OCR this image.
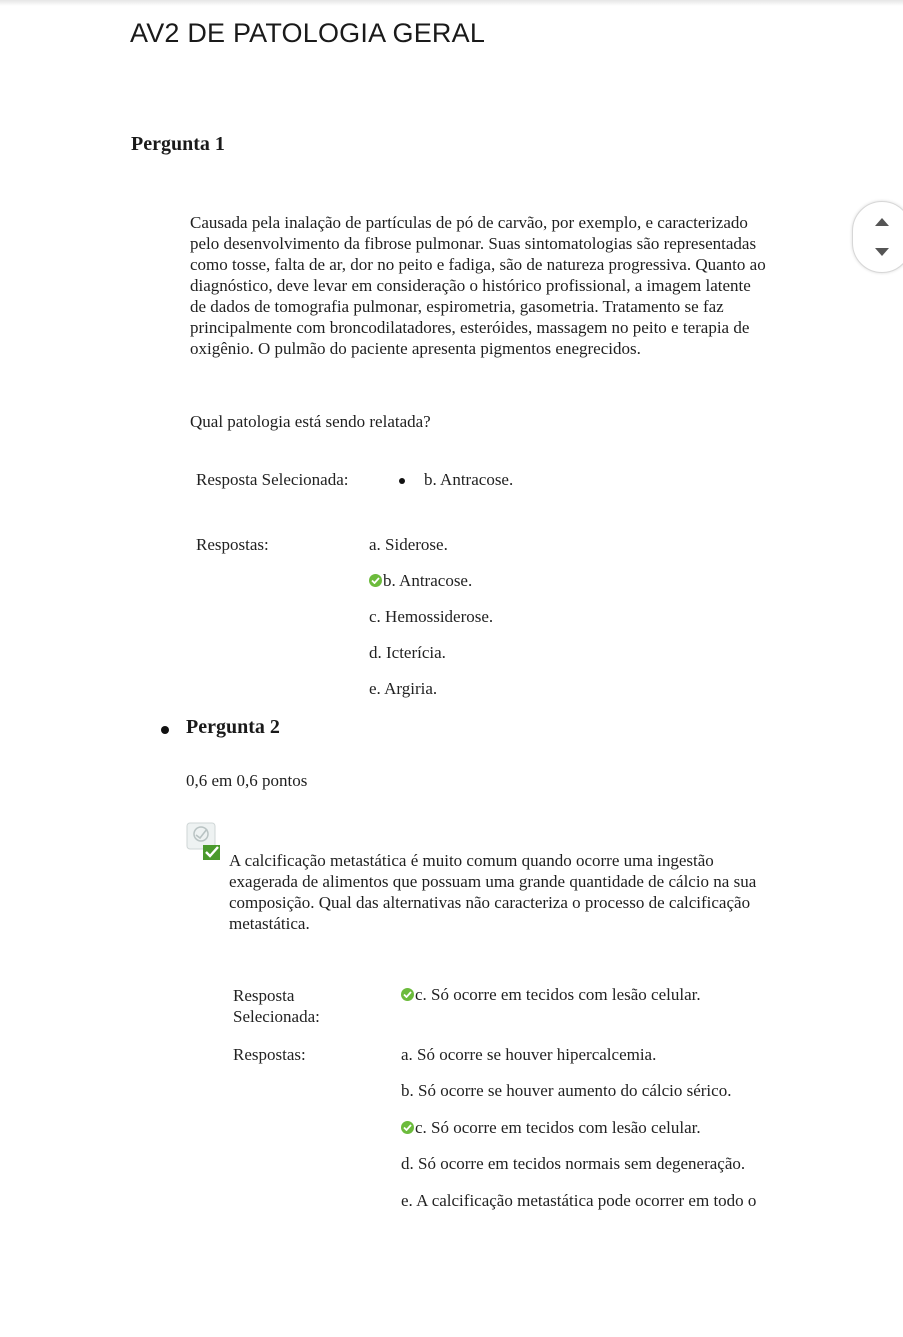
AV2 DE PATOLOGIA GERAL
Pergunta 1
Causada pela inalação de partículas de pó de carvão, por exemplo, e caracterizado
pelo desenvolvimento da fibrose pulmonar. Suas sintomatologias são representadas
como tosse, falta de ar, dor no peito e fadiga, são de natureza progressiva. Quanto ao
diagnóstico, deve levar em consideração o histórico profissional, a imagem latente
de dados de tomografia pulmonar, espirometria, gasometria. Tratamento se faz
principalmente com broncodilatadores, esteróides, massagem no peito e terapia de
oxigênio. O pulmão do paciente apresenta pigmentos enegrecidos.
Qual patologia está sendo relatada?
Resposta Selecionada:	b. Antracose.
Respostas:	a. Siderose.
b. Antracose.
c. Hemossiderose.
d. Icterícia.
e. Argiria.
Pergunta 2
0,6 em 0,6 pontos
A calcificação metastática é muito comum quando ocorre uma ingestão
exagerada de alimentos que possuam uma grande quantidade de cálcio na sua
composição. Qual das alternativas não caracteriza o processo de calcificação
metastática.
Resposta
Selecionada:
c. Só ocorre em tecidos com lesão celular.
Respostas:	a. Só ocorre se houver hipercalcemia.
b. Só ocorre se houver aumento do cálcio sérico.
c. Só ocorre em tecidos com lesão celular.
d. Só ocorre em tecidos normais sem degeneração.
e. A calcificação metastática pode ocorrer em todo o
